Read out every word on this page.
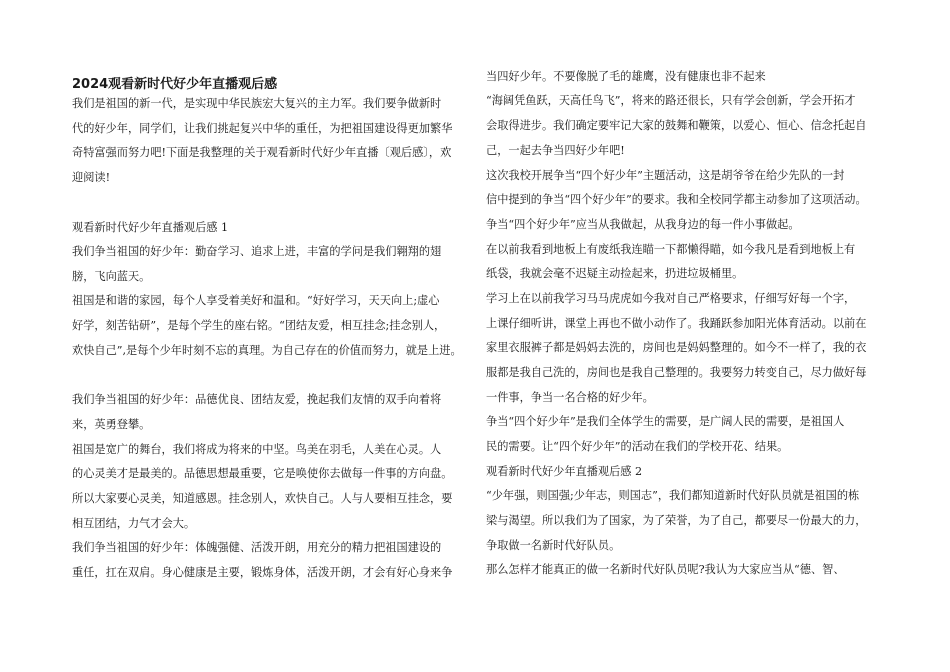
2024观看新时代好少年直播观后感
我们是祖国的新一代，是实现中华民族宏大复兴的主力军。我们要争做新时
代的好少年，同学们，让我们挑起复兴中华的重任，为把祖国建设得更加繁华
奇特富强而努力吧!下面是我整理的关于观看新时代好少年直播〔观后感〕，欢
迎阅读!
观看新时代好少年直播观后感 1
我们争当祖国的好少年：勤奋学习、追求上进，丰富的学问是我们翱翔的翅
膀，飞向蓝天。
祖国是和谐的家园，每个人享受着美好和温和。“好好学习，天天向上;虚心
好学，刻苦钻研”，是每个学生的座右铭。“团结友爱，相互挂念;挂念别人，
欢快自己”,是每个少年时刻不忘的真理。为自己存在的价值而努力，就是上进。
我们争当祖国的好少年：品德优良、团结友爱，挽起我们友情的双手向着将
来，英勇登攀。
祖国是宽广的舞台，我们将成为将来的中坚。鸟美在羽毛，人美在心灵。人
的心灵美才是最美的。品德思想最重要，它是唤使你去做每一件事的方向盘。
所以大家要心灵美，知道感恩。挂念别人，欢快自己。人与人要相互挂念，要
相互团结，力气才会大。
我们争当祖国的好少年：体魄强健、活泼开朗，用充分的精力把祖国建设的
重任，扛在双肩。身心健康是主要，锻炼身体，活泼开朗，才会有好心身来争
当四好少年。不要像脱了毛的雄鹰，没有健康也非不起来
“海阔凭鱼跃，天高任鸟飞”，将来的路还很长，只有学会创新，学会开拓才
会取得进步。我们确定要牢记大家的鼓舞和鞭策，以爱心、恒心、信念托起自
己，一起去争当四好少年吧!
这次我校开展争当“四个好少年”主题活动，这是胡爷爷在给少先队的一封
信中提到的争当“四个好少年”的要求。我和全校同学都主动参加了这项活动。
争当“四个好少年”应当从我做起，从我身边的每一件小事做起。
在以前我看到地板上有废纸我连瞄一下都懒得瞄，如今我凡是看到地板上有
纸袋，我就会毫不迟疑主动捡起来，扔进垃圾桶里。
学习上在以前我学习马马虎虎如今我对自己严格要求，仔细写好每一个字，
上课仔细听讲，课堂上再也不做小动作了。我踊跃参加阳光体育活动。以前在
家里衣服裤子都是妈妈去洗的，房间也是妈妈整理的。如今不一样了，我的衣
服都是我自己洗的，房间也是我自己整理的。我要努力转变自己，尽力做好每
一件事，争当一名合格的好少年。
争当“四个好少年”是我们全体学生的需要，是广阔人民的需要，是祖国人
民的需要。让“四个好少年”的活动在我们的学校开花、结果。
观看新时代好少年直播观后感 2
“少年强，则国强;少年志，则国志”，我们都知道新时代好队员就是祖国的栋
梁与渴望。所以我们为了国家，为了荣誉，为了自己，都要尽一份最大的力，
争取做一名新时代好队员。
那么怎样才能真正的做一名新时代好队员呢?我认为大家应当从“德、智、
